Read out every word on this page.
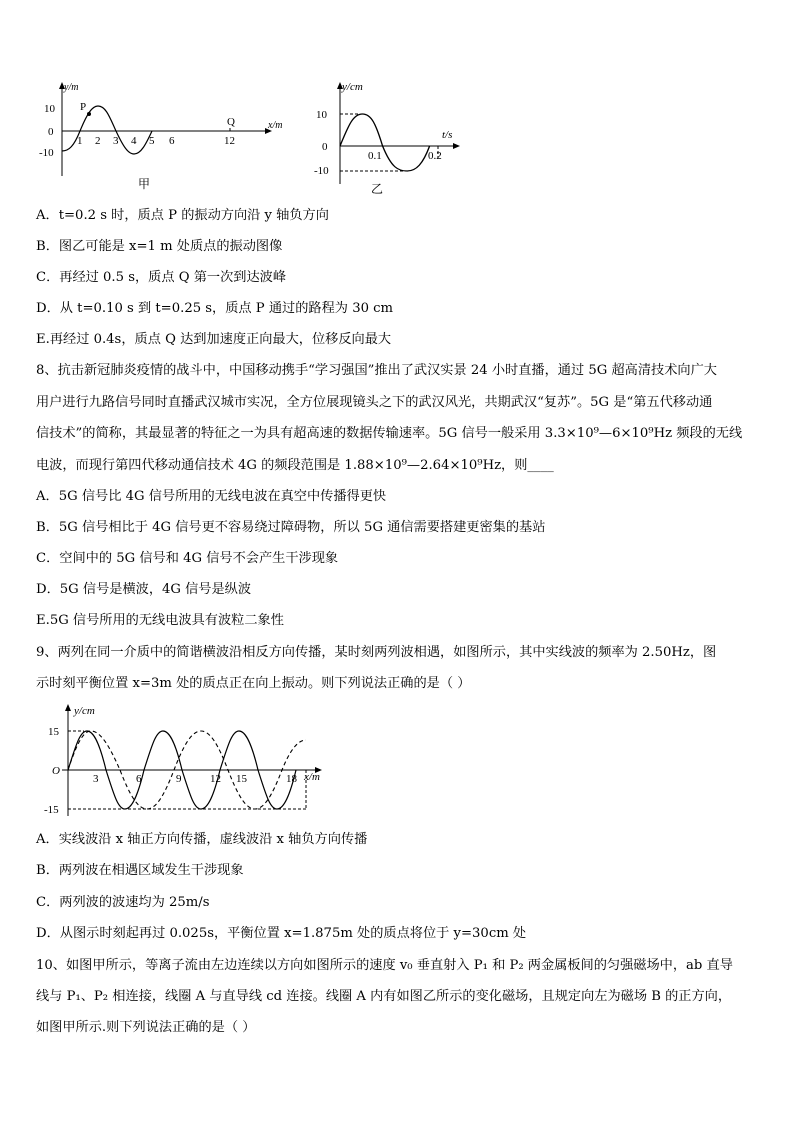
y/m
x/m
10
0
-10
1 2 3 4 5 6	12
P
Q
甲
y/cm
t/s
10
0
-10
0.1	0.2
乙
A．t=0.2 s 时，质点 P 的振动方向沿 y 轴负方向
B．图乙可能是 x=1 m 处质点的振动图像
C．再经过 0.5 s，质点 Q 第一次到达波峰
D．从 t=0.10 s 到 t=0.25 s，质点 P 通过的路程为 30 cm
E.再经过 0.4s，质点 Q 达到加速度正向最大，位移反向最大
8、抗击新冠肺炎疫情的战斗中，中国移动携手“学习强国”推出了武汉实景 24 小时直播，通过 5G 超高清技术向广大
用户进行九路信号同时直播武汉城市实况，全方位展现镜头之下的武汉风光，共期武汉“复苏”。5G 是“第五代移动通
信技术”的简称，其最显著的特征之一为具有超高速的数据传输速率。5G 信号一般采用 3.3×10⁹—6×10⁹Hz 频段的无线
电波，而现行第四代移动通信技术 4G 的频段范围是 1.88×10⁹—2.64×10⁹Hz，则____
A．5G 信号比 4G 信号所用的无线电波在真空中传播得更快
B．5G 信号相比于 4G 信号更不容易绕过障碍物，所以 5G 通信需要搭建更密集的基站
C．空间中的 5G 信号和 4G 信号不会产生干涉现象
D．5G 信号是横波，4G 信号是纵波
E.5G 信号所用的无线电波具有波粒二象性
9、两列在同一介质中的简谐横波沿相反方向传播，某时刻两列波相遇，如图所示，其中实线波的频率为 2.50Hz，图
示时刻平衡位置 x=3m 处的质点正在向上振动。则下列说法正确的是（ ）
y/cm
x/m
O
15
-15
3	6	9	12 15	18
A．实线波沿 x 轴正方向传播，虚线波沿 x 轴负方向传播
B．两列波在相遇区域发生干涉现象
C．两列波的波速均为 25m/s
D．从图示时刻起再过 0.025s，平衡位置 x=1.875m 处的质点将位于 y=30cm 处
10、如图甲所示，等离子流由左边连续以方向如图所示的速度 v₀ 垂直射入 P₁ 和 P₂ 两金属板间的匀强磁场中，ab 直导
线与 P₁、P₂ 相连接，线圈 A 与直导线 cd 连接。线圈 A 内有如图乙所示的变化磁场，且规定向左为磁场 B 的正方向，
如图甲所示.则下列说法正确的是（ ）
